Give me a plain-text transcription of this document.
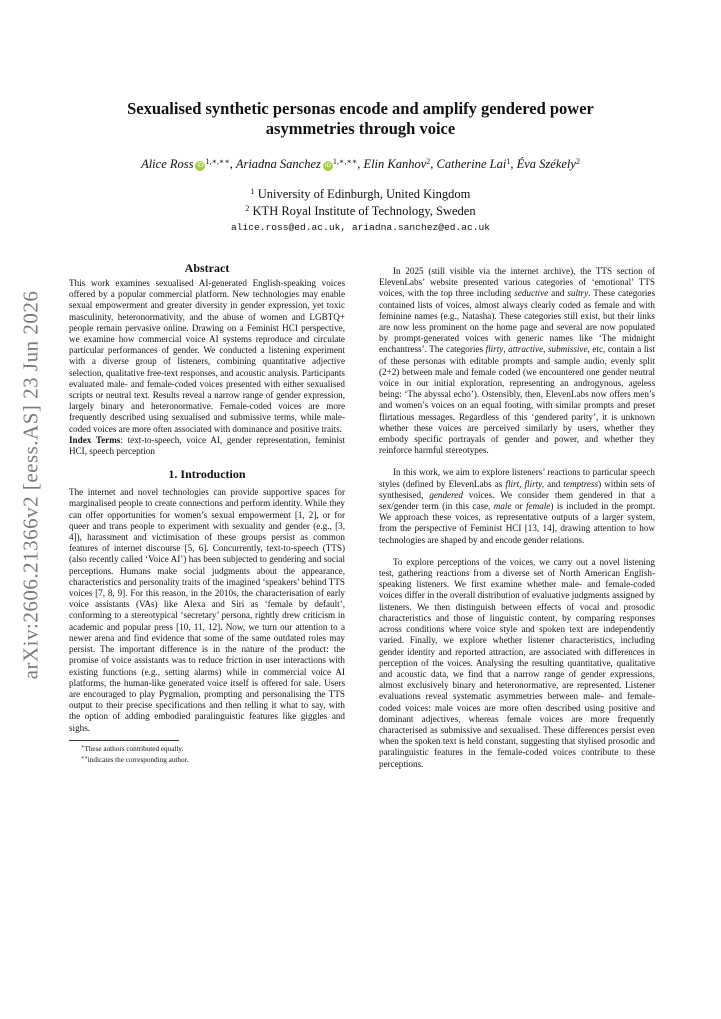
arXiv:2606.21366v2 [eess.AS] 23 Jun 2026
Sexualised synthetic personas encode and amplify gendered power
asymmetries through voice
Alice Ross iD $^{1,∗,∗∗}$, Ariadna Sanchez iD $^{1,∗,∗∗}$, Elin Kanhov$^2$, Catherine Lai$^1$, Éva Székely$^2$
$^1$ University of Edinburgh, United Kingdom
$^2$ KTH Royal Institute of Technology, Sweden
alice.ross@ed.ac.uk, ariadna.sanchez@ed.ac.uk
Abstract

This work examines sexualised AI-generated English-speaking voices offered by a popular commercial platform. New technologies may enable sexual empowerment and greater diversity in gender expression, yet toxic masculinity, heteronormativity, and the abuse of women and LGBTQ+ people remain pervasive online. Drawing on a Feminist HCI perspective, we examine how commercial voice AI systems reproduce and circulate particular performances of gender. We conducted a listening experiment with a diverse group of listeners, combining quantitative adjective selection, qualitative free-text responses, and acoustic analysis. Participants evaluated male- and female-coded voices presented with either sexualised scripts or neutral text. Results reveal a narrow range of gender expression, largely binary and heteronormative. Female-coded voices are more frequently described using sexualised and submissive terms, while male-coded voices are more often associated with dominance and positive traits.

Index Terms: text-to-speech, voice AI, gender representation, feminist HCI, speech perception

1. Introduction

The internet and novel technologies can provide supportive spaces for marginalised people to create connections and perform identity. While they can offer opportunities for women’s sexual empowerment [1, 2], or for queer and trans people to experiment with sexuality and gender (e.g., [3, 4]), harassment and victimisation of these groups persist as common features of internet discourse [5, 6]. Concurrently, text-to-speech (TTS) (also recently called ‘Voice AI’) has been subjected to gendering and social perceptions. Humans make social judgments about the appearance, characteristics and personality traits of the imagined ‘speakers’ behind TTS voices [7, 8, 9]. For this reason, in the 2010s, the characterisation of early voice assistants (VAs) like Alexa and Siri as ‘female by default’, conforming to a stereotypical ‘secretary’ persona, rightly drew criticism in academic and popular press [10, 11, 12]. Now, we turn our attention to a newer arena and find evidence that some of the same outdated roles may persist. The important difference is in the nature of the product: the promise of voice assistants was to reduce friction in user interactions with existing functions (e.g., setting alarms) while in commercial voice AI platforms, the human-like generated voice itself is offered for sale. Users are encouraged to play Pygmalion, prompting and personalising the TTS output to their precise specifications and then telling it what to say, with the option of adding embodied paralinguistic features like giggles and sighs.

∗These authors contributed equally.
∗∗indicates the corresponding author.

In 2025 (still visible via the internet archive), the TTS section of ElevenLabs’ website presented various categories of ‘emotional’ TTS voices, with the top three including seductive and sultry. These categories contained lists of voices, almost always clearly coded as female and with feminine names (e.g., Natasha). These categories still exist, but their links are now less prominent on the home page and several are now populated by prompt-generated voices with generic names like ‘The midnight enchantress’. The categories flirty, attractive, submissive, etc, contain a list of these personas with editable prompts and sample audio, evenly split (2+2) between male and female coded (we encountered one gender neutral voice in our initial exploration, representing an androgynous, ageless being: ‘The abyssal echo’). Ostensibly, then, ElevenLabs now offers men’s and women’s voices on an equal footing, with similar prompts and preset flirtatious messages. Regardless of this ‘gendered parity’, it is unknown whether these voices are perceived similarly by users, whether they embody specific portrayals of gender and power, and whether they reinforce harmful stereotypes.

In this work, we aim to explore listeners’ reactions to particular speech styles (defined by ElevenLabs as flirt, flirty, and temptress) within sets of synthesised, gendered voices. We consider them gendered in that a sex/gender term (in this case, male or female) is included in the prompt. We approach these voices, as representative outputs of a larger system, from the perspective of Feminist HCI [13, 14], drawing attention to how technologies are shaped by and encode gender relations.

To explore perceptions of the voices, we carry out a novel listening test, gathering reactions from a diverse set of North American English-speaking listeners. We first examine whether male- and female-coded voices differ in the overall distribution of evaluative judgments assigned by listeners. We then distinguish between effects of vocal and prosodic characteristics and those of linguistic content, by comparing responses across conditions where voice style and spoken text are independently varied. Finally, we explore whether listener characteristics, including gender identity and reported attraction, are associated with differences in perception of the voices. Analysing the resulting quantitative, qualitative and acoustic data, we find that a narrow range of gender expressions, almost exclusively binary and heteronormative, are represented. Listener evaluations reveal systematic asymmetries between male- and female-coded voices: male voices are more often described using positive and dominant adjectives, whereas female voices are more frequently characterised as submissive and sexualised. These differences persist even when the spoken text is held constant, suggesting that stylised prosodic and paralinguistic features in the female-coded voices contribute to these perceptions.
